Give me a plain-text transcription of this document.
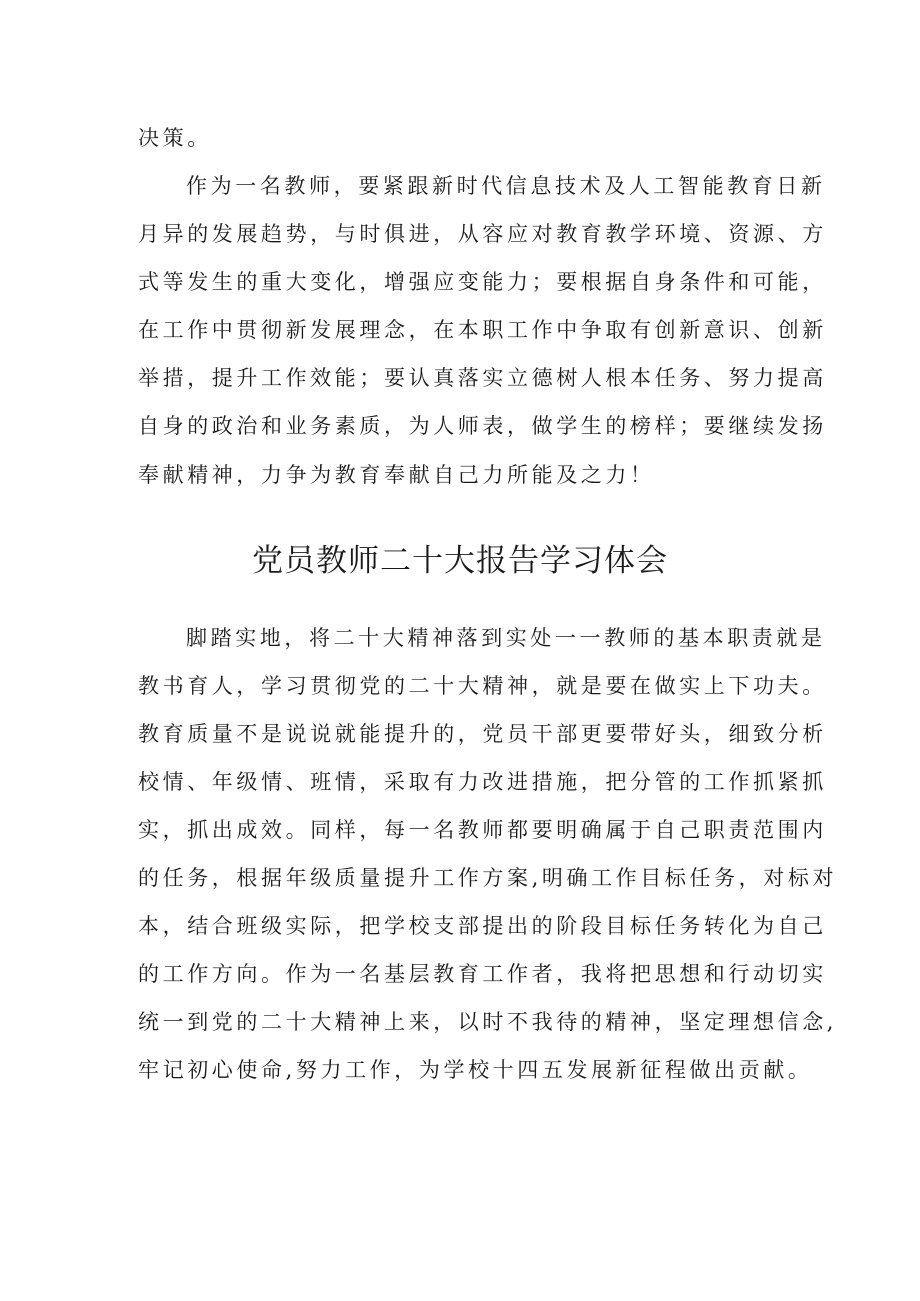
决策。
作为一名教师，要紧跟新时代信息技术及人工智能教育日新
月异的发展趋势，与时俱进，从容应对教育教学环境、资源、方
式等发生的重大变化，增强应变能力；要根据自身条件和可能，
在工作中贯彻新发展理念，在本职工作中争取有创新意识、创新
举措，提升工作效能；要认真落实立德树人根本任务、努力提高
自身的政治和业务素质，为人师表，做学生的榜样；要继续发扬
奉献精神，力争为教育奉献自己力所能及之力！
党员教师二十大报告学习体会
脚踏实地，将二十大精神落到实处一一教师的基本职责就是
教书育人，学习贯彻党的二十大精神，就是要在做实上下功夫。
教育质量不是说说就能提升的，党员干部更要带好头，细致分析
校情、年级情、班情，采取有力改进措施，把分管的工作抓紧抓
实，抓出成效。同样，每一名教师都要明确属于自己职责范围内
的任务，根据年级质量提升工作方案,明确工作目标任务，对标对
本，结合班级实际，把学校支部提出的阶段目标任务转化为自己
的工作方向。作为一名基层教育工作者，我将把思想和行动切实
统一到党的二十大精神上来，以时不我待的精神，坚定理想信念,
牢记初心使命,努力工作，为学校十四五发展新征程做出贡献。
